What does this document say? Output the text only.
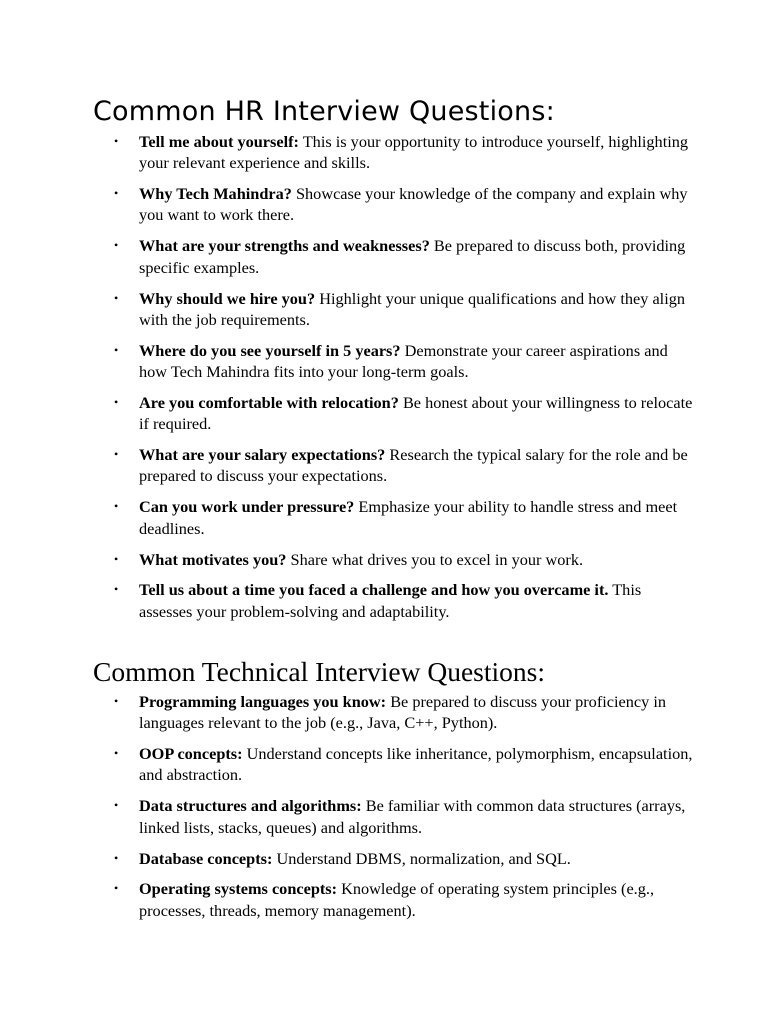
Common HR Interview Questions:
• Tell me about yourself: This is your opportunity to introduce yourself, highlighting your relevant experience and skills.
• Why Tech Mahindra? Showcase your knowledge of the company and explain why you want to work there.
• What are your strengths and weaknesses? Be prepared to discuss both, providing specific examples.
• Why should we hire you? Highlight your unique qualifications and how they align with the job requirements.
• Where do you see yourself in 5 years? Demonstrate your career aspirations and how Tech Mahindra fits into your long-term goals.
• Are you comfortable with relocation? Be honest about your willingness to relocate if required.
• What are your salary expectations? Research the typical salary for the role and be prepared to discuss your expectations.
• Can you work under pressure? Emphasize your ability to handle stress and meet deadlines.
• What motivates you? Share what drives you to excel in your work.
• Tell us about a time you faced a challenge and how you overcame it. This assesses your problem-solving and adaptability.
Common Technical Interview Questions:
• Programming languages you know: Be prepared to discuss your proficiency in languages relevant to the job (e.g., Java, C++, Python).
• OOP concepts: Understand concepts like inheritance, polymorphism, encapsulation, and abstraction.
• Data structures and algorithms: Be familiar with common data structures (arrays, linked lists, stacks, queues) and algorithms.
• Database concepts: Understand DBMS, normalization, and SQL.
• Operating systems concepts: Knowledge of operating system principles (e.g., processes, threads, memory management).
